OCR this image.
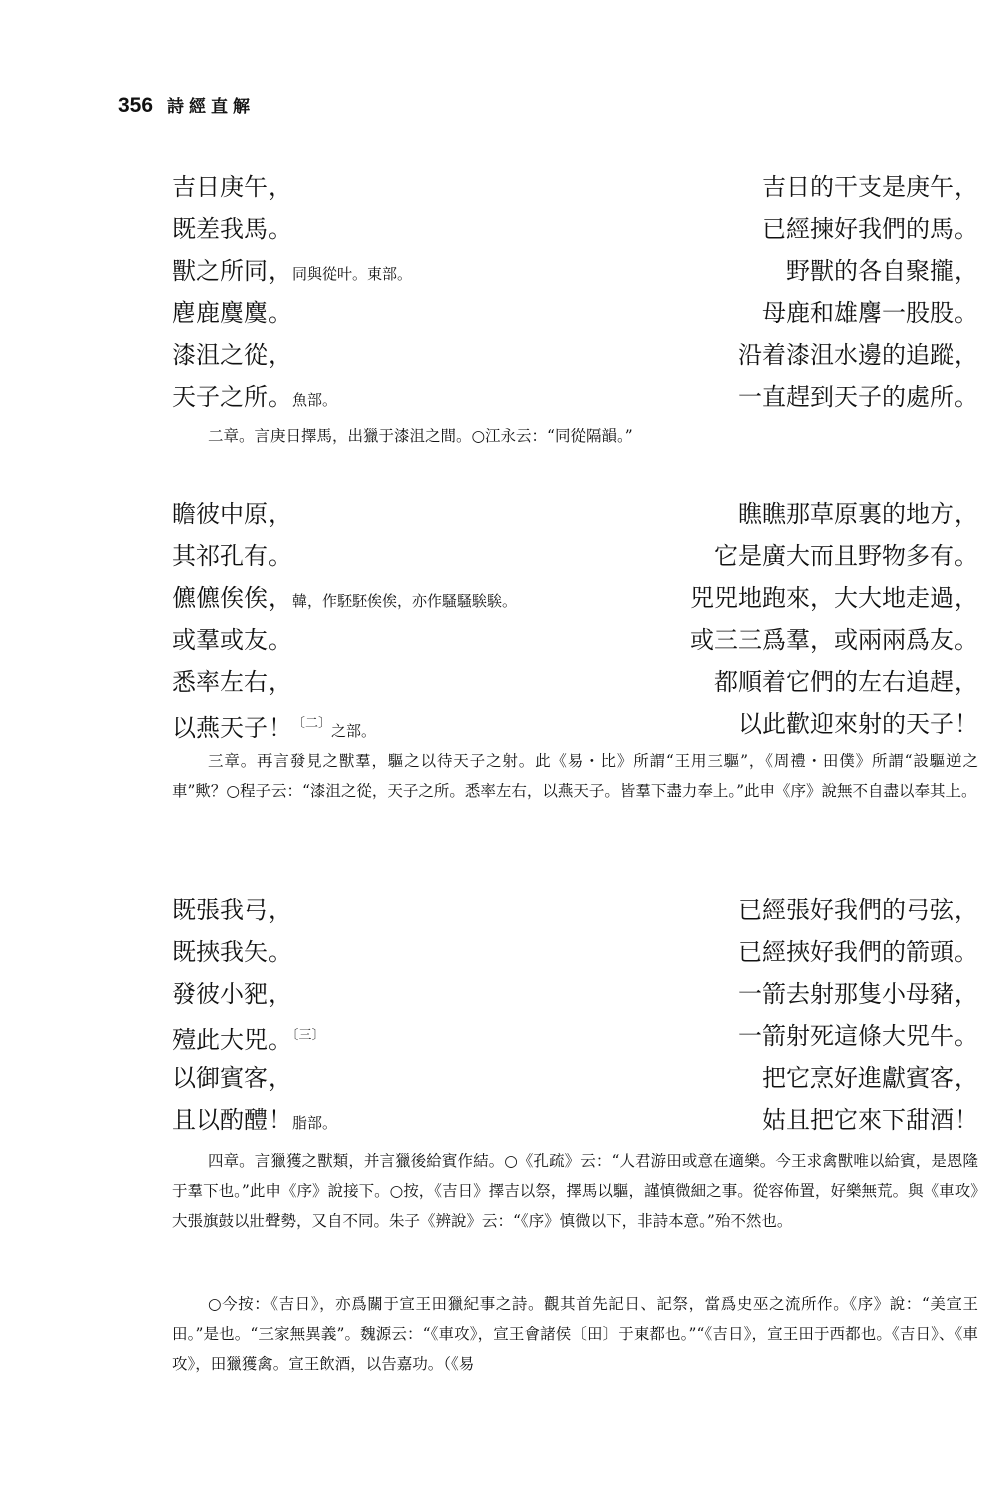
356 詩經直解
吉日庚午，	吉日的干支是庚午，
既差我馬。	已經揀好我們的馬。
獸之所同，同與從叶。東部。	野獸的各自聚攏，
麀鹿麌麌。	母鹿和雄麐一股股。
漆沮之從，	沿着漆沮水邊的追蹤，
天子之所。魚部。	一直趕到天子的處所。

二章。言庚日擇馬，出獵于漆沮之間。○江永云：“同從隔韻。”

瞻彼中原，	瞧瞧那草原裏的地方，
其祁孔有。	它是廣大而且野物多有。
儦儦俟俟，韓，作駓駓俟俟，亦作騷騷騃騃。	兕兕地跑來，大大地走過，
或羣或友。	或三三爲羣，或兩兩爲友。
悉率左右，	都順着它們的左右追趕，
以燕天子！$^{〔二〕}$之部。	以此歡迎來射的天子！

三章。再言發見之獸羣，驅之以待天子之射。此《易・比》所謂“王用三驅”，《周禮・田僕》所謂“設驅逆之車”歟？○程子云：“漆沮之從，天子之所。悉率左右，以燕天子。皆羣下盡力奉上。”此申《序》說無不自盡以奉其上。

既張我弓，	已經張好我們的弓弦，
既挾我矢。	已經挾好我們的箭頭。
發彼小豝，	一箭去射那隻小母豬，
殪此大兕。$^{〔三〕}$	一箭射死這條大兕牛。
以御賓客，	把它烹好進獻賓客，
且以酌醴！脂部。	姑且把它來下甜酒！

四章。言獵獲之獸類，并言獵後給賓作結。○《孔疏》云：“人君游田或意在適樂。今王求禽獸唯以給賓，是恩隆于羣下也。”此申《序》說接下。○按，《吉日》擇吉以祭，擇馬以驅，謹慎微細之事。從容佈置，好樂無荒。與《車攻》大張旗鼓以壯聲勢，又自不同。朱子《辨說》云：“《序》慎微以下，非詩本意。”殆不然也。

○今按：《吉日》，亦爲關于宣王田獵紀事之詩。觀其首先記日、記祭，當爲史巫之流所作。《序》說：“美宣王田。”是也。“三家無異義”。魏源云：“《車攻》，宣王會諸侯〔田〕于東都也。”“《吉日》，宣王田于西都也。《吉日》、《車攻》，田獵獲禽。宣王飲酒，以告嘉功。（《易
